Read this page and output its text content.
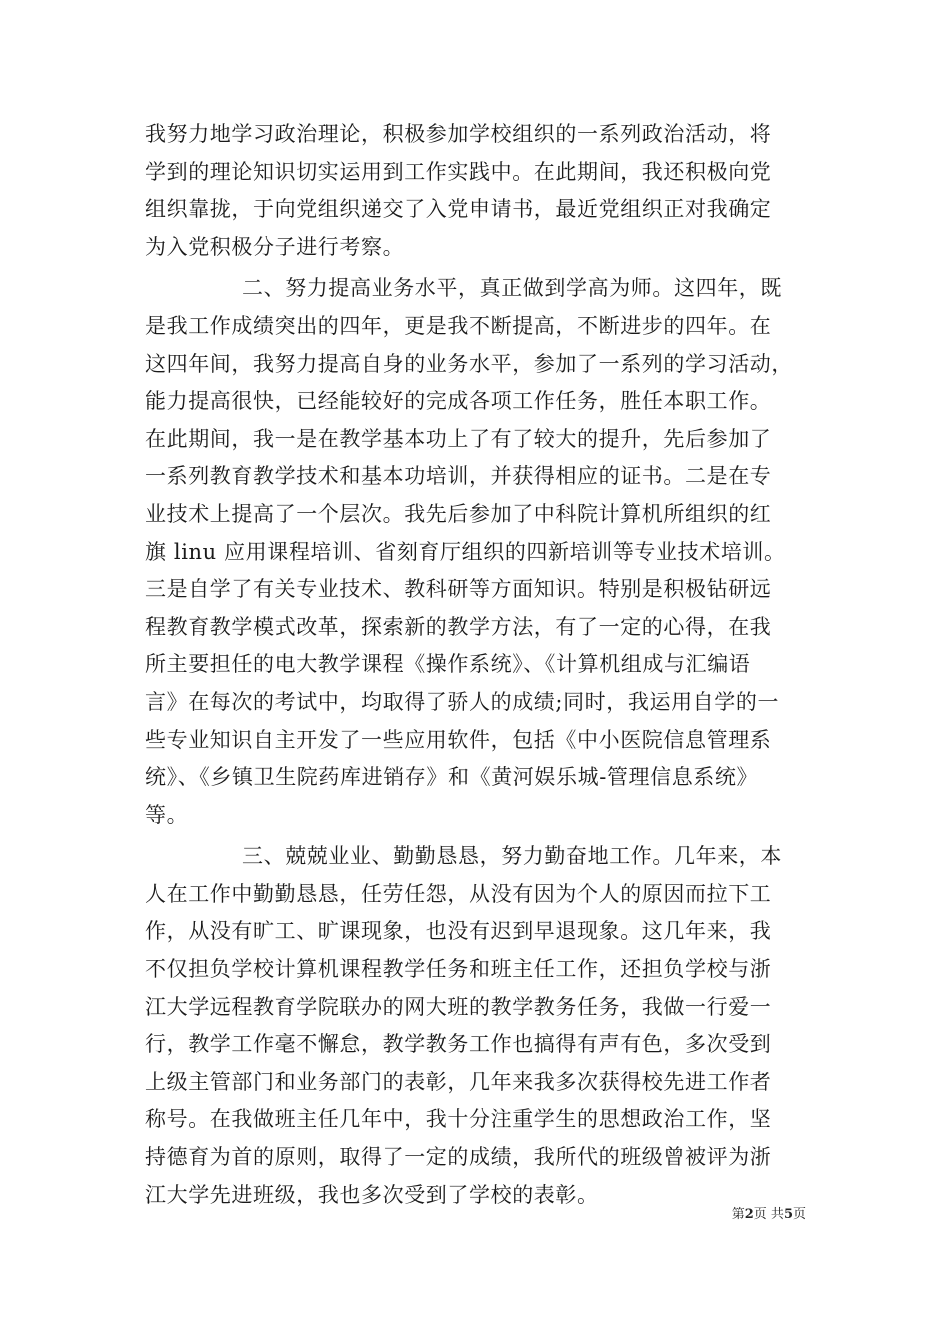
我努力地学习政治理论，积极参加学校组织的一系列政治活动，将
学到的理论知识切实运用到工作实践中。在此期间，我还积极向党
组织靠拢，于向党组织递交了入党申请书，最近党组织正对我确定
为入党积极分子进行考察。
二、努力提高业务水平，真正做到学高为师。这四年，既
是我工作成绩突出的四年，更是我不断提高，不断进步的四年。在
这四年间，我努力提高自身的业务水平，参加了一系列的学习活动，
能力提高很快，已经能较好的完成各项工作任务，胜任本职工作。
在此期间，我一是在教学基本功上了有了较大的提升，先后参加了
一系列教育教学技术和基本功培训，并获得相应的证书。二是在专
业技术上提高了一个层次。我先后参加了中科院计算机所组织的红
旗 linu 应用课程培训、省刻育厅组织的四新培训等专业技术培训。
三是自学了有关专业技术、教科研等方面知识。特别是积极钻研远
程教育教学模式改革，探索新的教学方法，有了一定的心得，在我
所主要担任的电大教学课程《操作系统》、《计算机组成与汇编语
言》在每次的考试中，均取得了骄人的成绩;同时，我运用自学的一
些专业知识自主开发了一些应用软件，包括《中小医院信息管理系
统》、《乡镇卫生院药库进销存》和《黄河娱乐城-管理信息系统》
等。
三、兢兢业业、勤勤恳恳，努力勤奋地工作。几年来，本
人在工作中勤勤恳恳，任劳任怨，从没有因为个人的原因而拉下工
作，从没有旷工、旷课现象，也没有迟到早退现象。这几年来，我
不仅担负学校计算机课程教学任务和班主任工作，还担负学校与浙
江大学远程教育学院联办的网大班的教学教务任务，我做一行爱一
行，教学工作毫不懈怠，教学教务工作也搞得有声有色，多次受到
上级主管部门和业务部门的表彰，几年来我多次获得校先进工作者
称号。在我做班主任几年中，我十分注重学生的思想政治工作，坚
持德育为首的原则，取得了一定的成绩，我所代的班级曾被评为浙
江大学先进班级，我也多次受到了学校的表彰。
第2页 共5页
